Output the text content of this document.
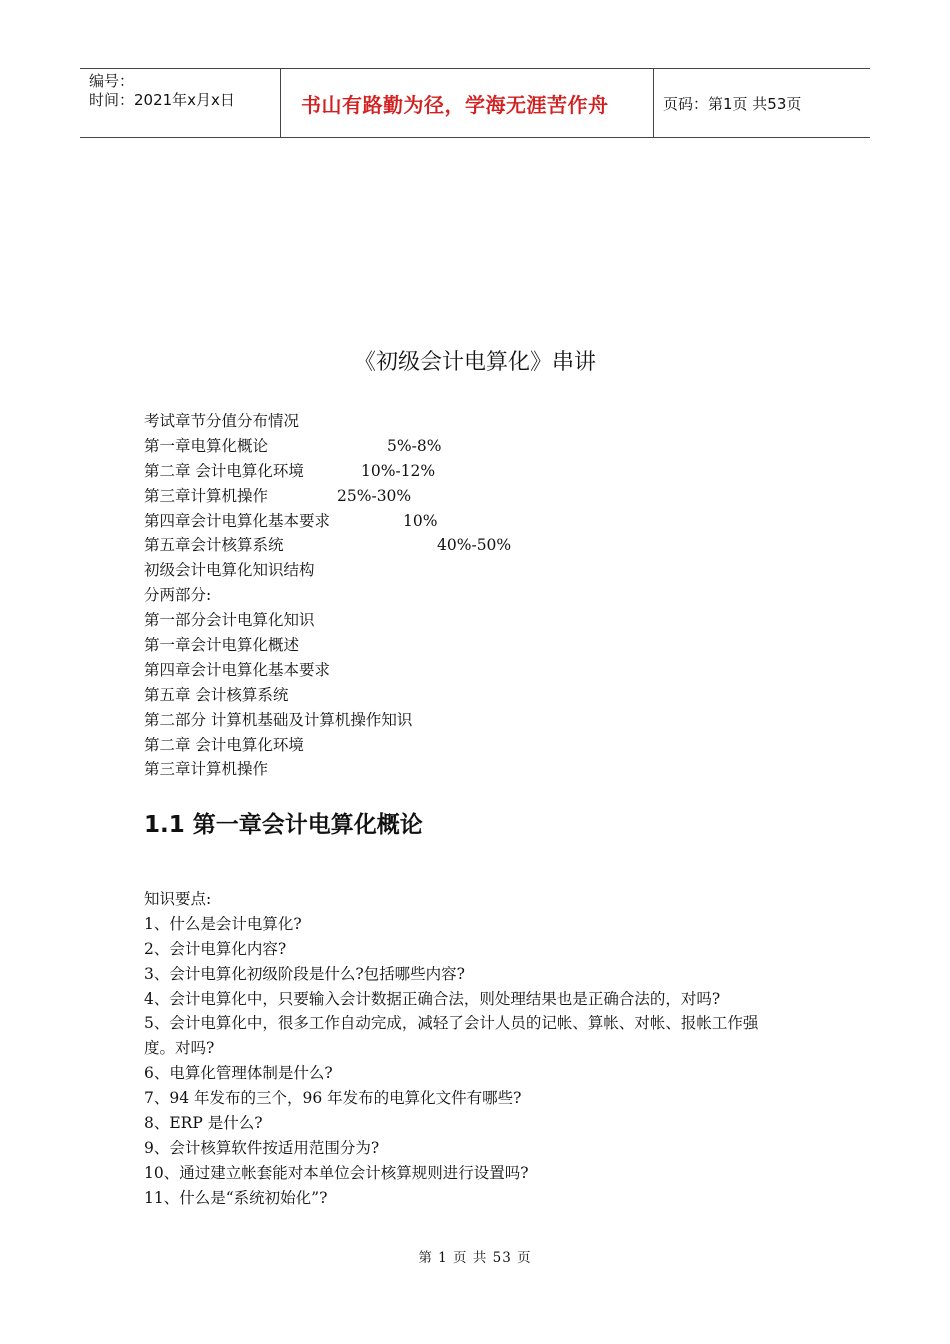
编号：
时间：2021年x月x日	书山有路勤为径，学海无涯苦作舟	页码：第1页 共53页
《初级会计电算化》串讲
考试章节分值分布情况
第一章电算化概论	5%-8%
第二章 会计电算化环境	10%-12%
第三章计算机操作	25%-30%
第四章会计电算化基本要求	10%
第五章会计核算系统	40%-50%
初级会计电算化知识结构
分两部分:
第一部分会计电算化知识
第一章会计电算化概述
第四章会计电算化基本要求
第五章 会计核算系统
第二部分 计算机基础及计算机操作知识
第二章 会计电算化环境
第三章计算机操作
1.1 第一章会计电算化概论
知识要点:
1、什么是会计电算化?
2、会计电算化内容?
3、会计电算化初级阶段是什么?包括哪些内容?
4、会计电算化中，只要输入会计数据正确合法，则处理结果也是正确合法的，对吗?
5、会计电算化中，很多工作自动完成，减轻了会计人员的记帐、算帐、对帐、报帐工作强
度。对吗?
6、电算化管理体制是什么?
7、94 年发布的三个，96 年发布的电算化文件有哪些?
8、ERP 是什么?
9、会计核算软件按适用范围分为?
10、通过建立帐套能对本单位会计核算规则进行设置吗?
11、什么是“系统初始化”?
第 1 页 共 53 页
